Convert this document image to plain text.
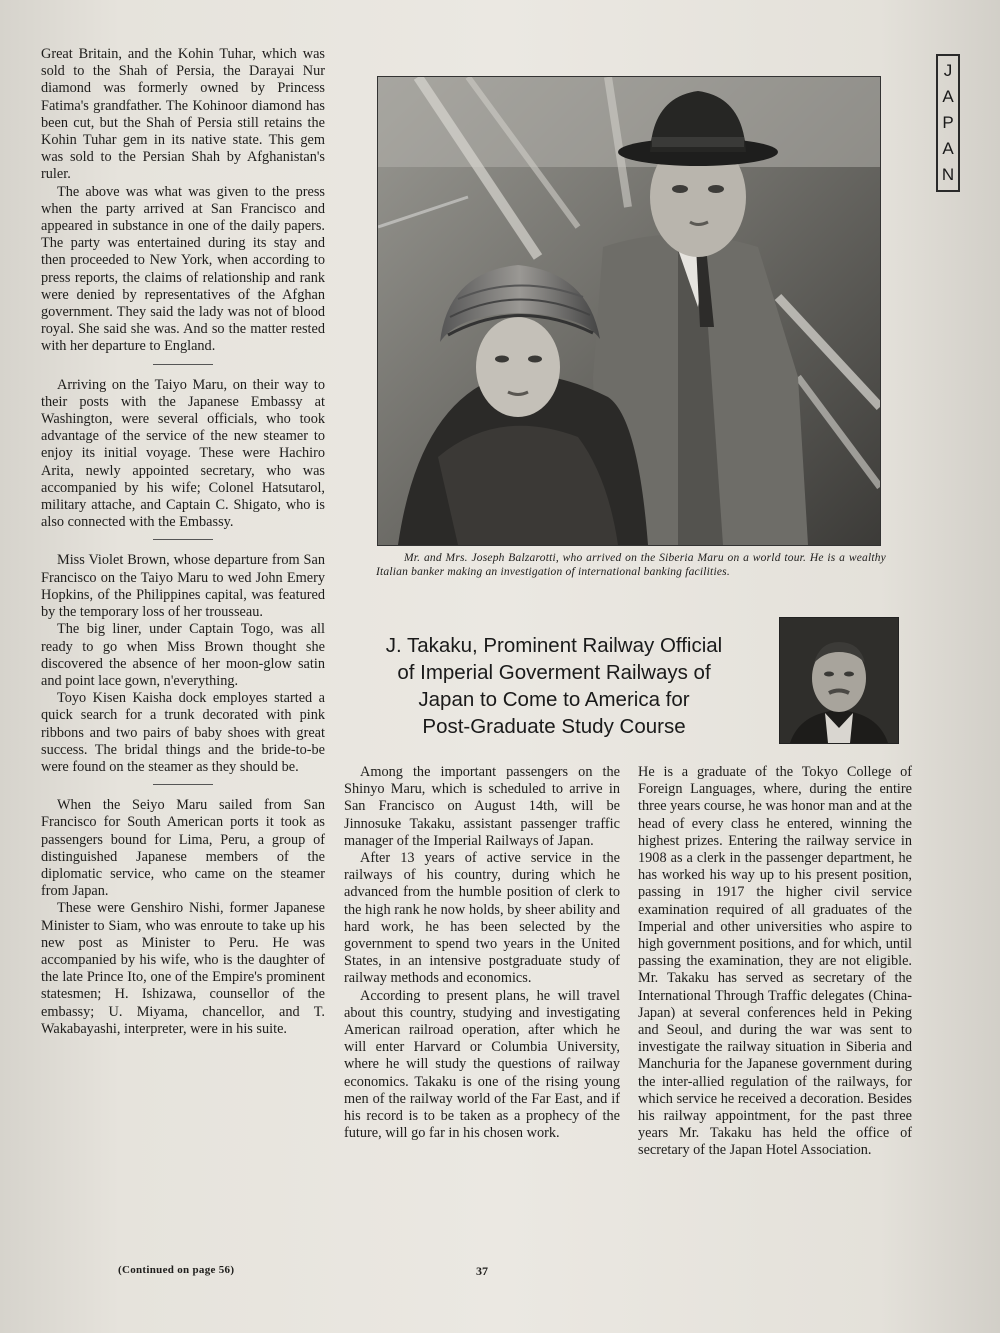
J
A
P
A
N

Great Britain, and the Kohin Tuhar, which was sold to the Shah of Persia, the Darayai Nur diamond was formerly owned by Princess Fatima's grandfather. The Kohinoor diamond has been cut, but the Shah of Persia still retains the Kohin Tuhar gem in its native state. This gem was sold to the Persian Shah by Afghanistan's ruler.

The above was what was given to the press when the party arrived at San Francisco and appeared in substance in one of the daily papers. The party was entertained during its stay and then proceeded to New York, when according to press reports, the claims of relationship and rank were denied by representatives of the Afghan government. They said the lady was not of blood royal. She said she was. And so the matter rested with her departure to England.

Arriving on the Taiyo Maru, on their way to their posts with the Japanese Embassy at Washington, were several officials, who took advantage of the service of the new steamer to enjoy its initial voyage. These were Hachiro Arita, newly appointed secretary, who was accompanied by his wife; Colonel Hatsutarol, military attache, and Captain C. Shigato, who is also connected with the Embassy.

Miss Violet Brown, whose departure from San Francisco on the Taiyo Maru to wed John Emery Hopkins, of the Philippines capital, was featured by the temporary loss of her trousseau.

The big liner, under Captain Togo, was all ready to go when Miss Brown thought she discovered the absence of her moon-glow satin and point lace gown, n'everything.

Toyo Kisen Kaisha dock employes started a quick search for a trunk decorated with pink ribbons and two pairs of baby shoes with great success. The bridal things and the bride-to-be were found on the steamer as they should be.

When the Seiyo Maru sailed from San Francisco for South American ports it took as passengers bound for Lima, Peru, a group of distinguished Japanese members of the diplomatic service, who came on the steamer from Japan.

These were Genshiro Nishi, former Japanese Minister to Siam, who was enroute to take up his new post as Minister to Peru. He was accompanied by his wife, who is the daughter of the late Prince Ito, one of the Empire's prominent statesmen; H. Ishizawa, counsellor of the embassy; U. Miyama, chancellor, and T. Wakabayashi, interpreter, were in his suite.

(Continued on page 56)	37
Mr. and Mrs. Joseph Balzarotti, who arrived on the Siberia Maru on a world tour. He is a wealthy Italian banker making an investigation of international banking facilities.
J. Takaku, Prominent Railway Official
of Imperial Goverment Railways of
Japan to Come to America for
Post-Graduate Study Course

Among the important passengers on the Shinyo Maru, which is scheduled to arrive in San Francisco on August 14th, will be Jinnosuke Takaku, assistant passenger traffic manager of the Imperial Railways of Japan.

After 13 years of active service in the railways of his country, during which he advanced from the humble position of clerk to the high rank he now holds, by sheer ability and hard work, he has been selected by the government to spend two years in the United States, in an intensive postgraduate study of railway methods and economics.

According to present plans, he will travel about this country, studying and investigating American railroad operation, after which he will enter Harvard or Columbia University, where he will study the questions of railway economics. Takaku is one of the rising young men of the railway world of the Far East, and if his record is to be taken as a prophecy of the future, will go far in his chosen work.

He is a graduate of the Tokyo College of Foreign Languages, where, during the entire three years course, he was honor man and at the head of every class he entered, winning the highest prizes. Entering the railway service in 1908 as a clerk in the passenger department, he has worked his way up to his present position, passing in 1917 the higher civil service examination required of all graduates of the Imperial and other universities who aspire to high government positions, and for which, until passing the examination, they are not eligible. Mr. Takaku has served as secretary of the International Through Traffic delegates (China-Japan) at several conferences held in Peking and Seoul, and during the war was sent to investigate the railway situation in Siberia and Manchuria for the Japanese government during the inter-allied regulation of the railways, for which service he received a decoration. Besides his railway appointment, for the past three years Mr. Takaku has held the office of secretary of the Japan Hotel Association.
